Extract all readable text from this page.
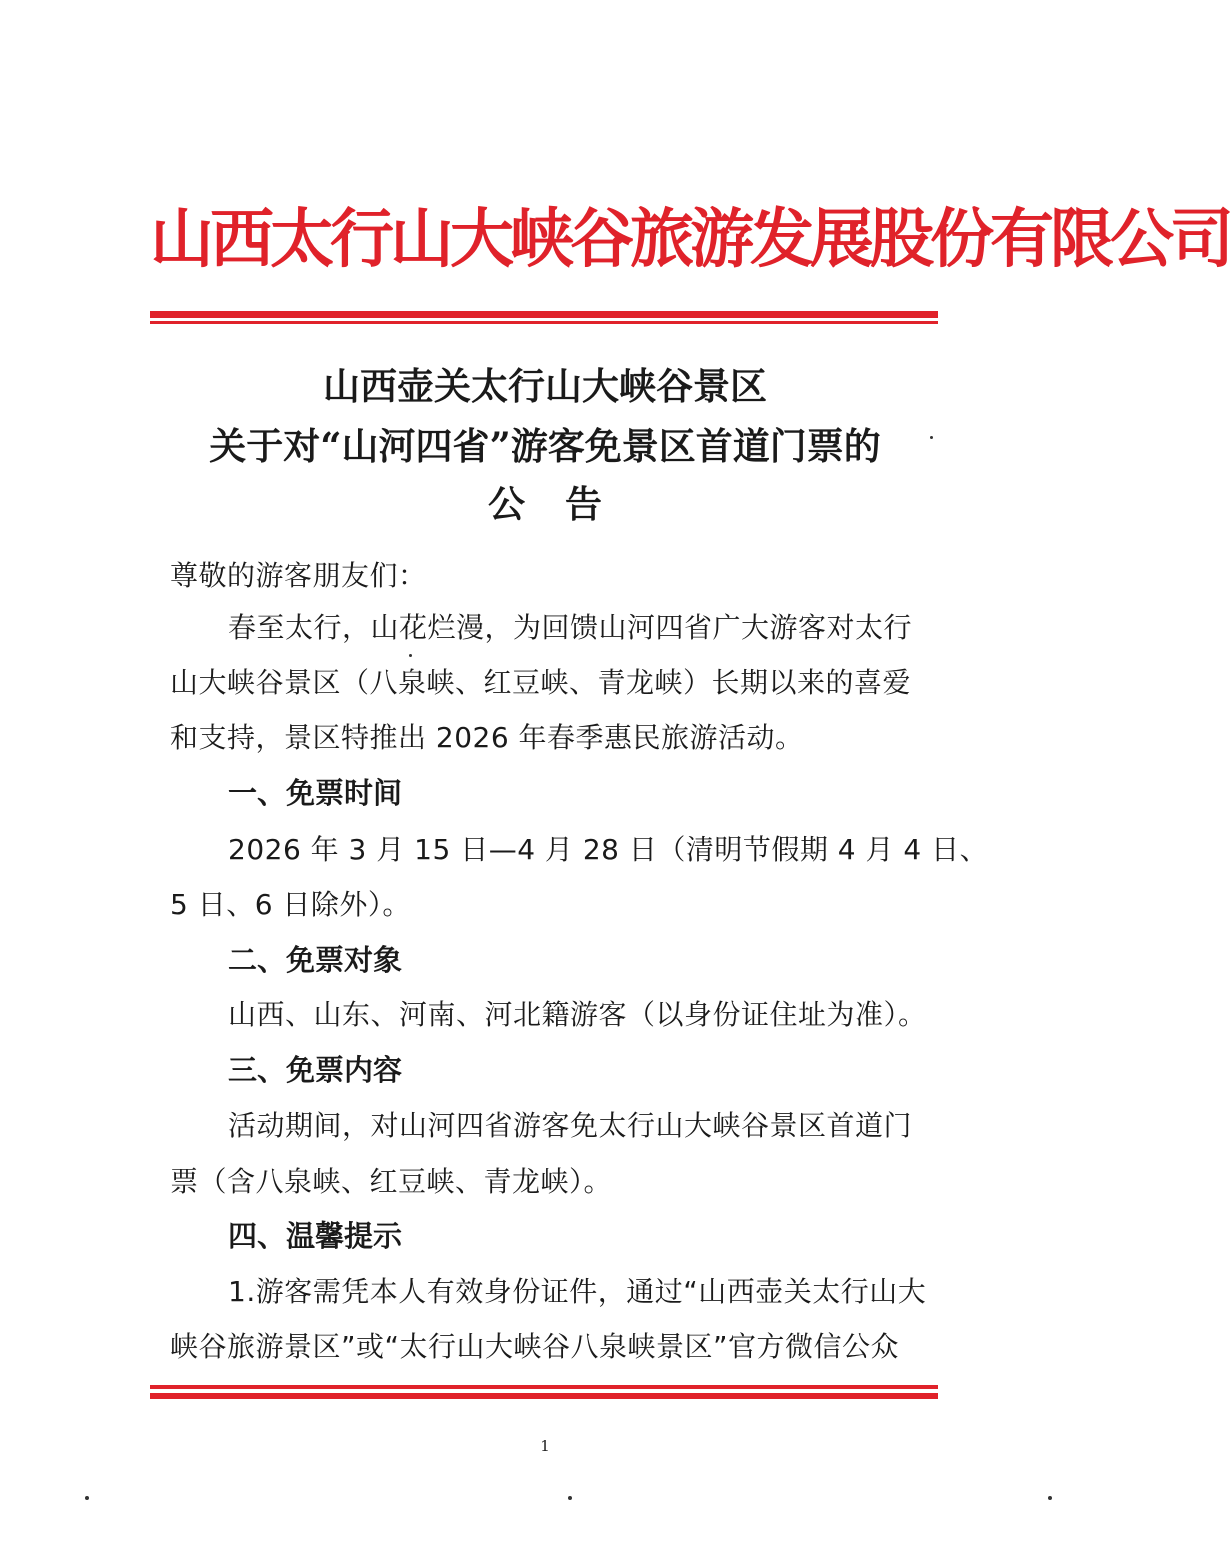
山西太行山大峡谷旅游发展股份有限公司
山西壶关太行山大峡谷景区
关于对“山河四省”游客免景区首道门票的
公告
尊敬的游客朋友们：
春至太行，山花烂漫，为回馈山河四省广大游客对太行
山大峡谷景区（八泉峡、红豆峡、青龙峡）长期以来的喜爱
和支持，景区特推出 2026 年春季惠民旅游活动。
一、免票时间
2026 年 3 月 15 日—4 月 28 日（清明节假期 4 月 4 日、
5 日、6 日除外）。
二、免票对象
山西、山东、河南、河北籍游客（以身份证住址为准）。
三、免票内容
活动期间，对山河四省游客免太行山大峡谷景区首道门
票（含八泉峡、红豆峡、青龙峡）。
四、温馨提示
1.游客需凭本人有效身份证件，通过“山西壶关太行山大
峡谷旅游景区”或“太行山大峡谷八泉峡景区”官方微信公众
1
